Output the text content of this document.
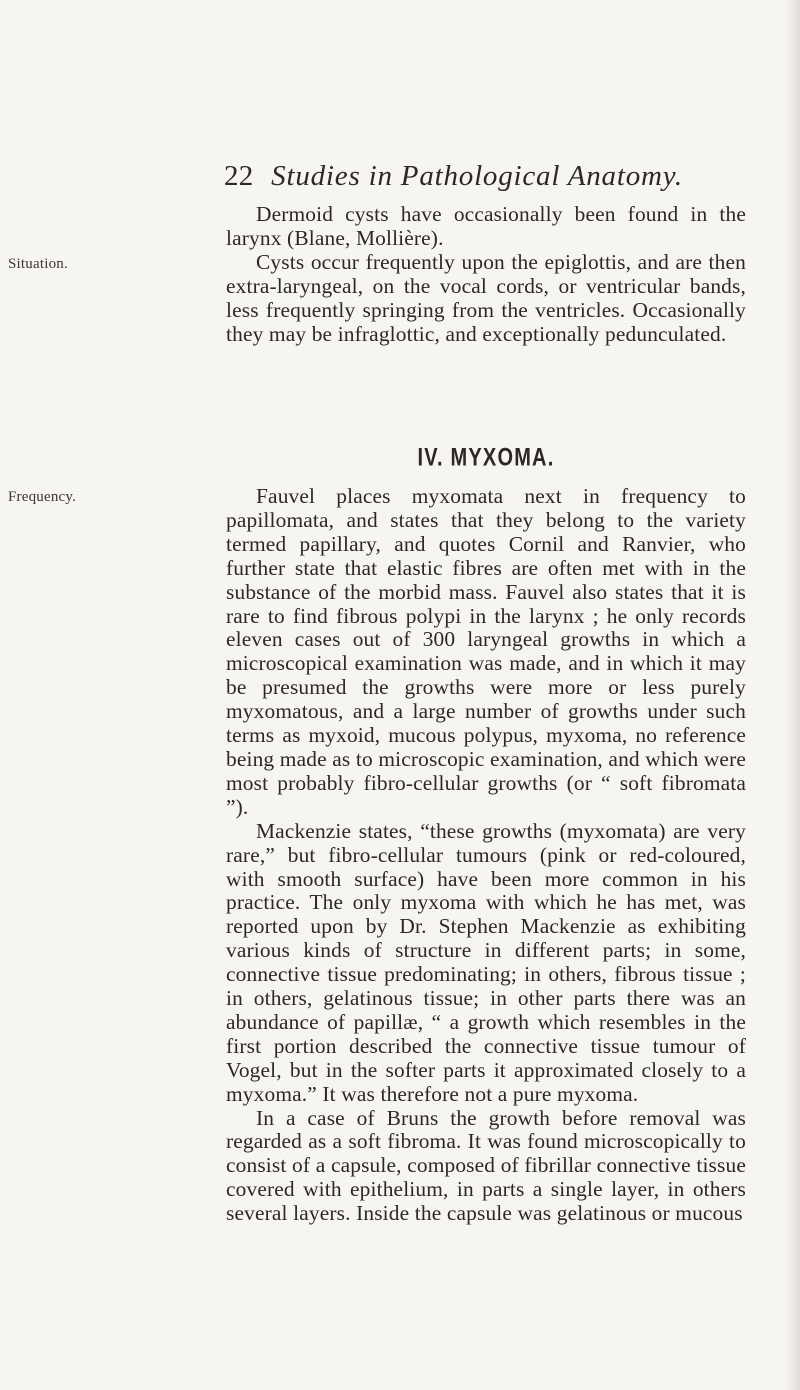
22 Studies in Pathological Anatomy.
Situation.
Frequency.

Dermoid cysts have occasionally been found in the larynx (Blane, Mollière).

Cysts occur frequently upon the epiglottis, and are then extra-laryngeal, on the vocal cords, or ventricular bands, less frequently springing from the ventricles. Occasionally they may be infraglottic, and exceptionally pedunculated.

IV. MYXOMA.

Fauvel places myxomata next in frequency to papillomata, and states that they belong to the variety termed papillary, and quotes Cornil and Ranvier, who further state that elastic fibres are often met with in the substance of the morbid mass. Fauvel also states that it is rare to find fibrous polypi in the larynx ; he only records eleven cases out of 300 laryngeal growths in which a microscopical examination was made, and in which it may be presumed the growths were more or less purely myxomatous, and a large number of growths under such terms as myxoid, mucous polypus, myxoma, no reference being made as to microscopic examination, and which were most probably fibro-cellular growths (or “ soft fibromata ”).

Mackenzie states, “these growths (myxomata) are very rare,” but fibro-cellular tumours (pink or red-coloured, with smooth surface) have been more common in his practice. The only myxoma with which he has met, was reported upon by Dr. Stephen Mackenzie as exhibiting various kinds of structure in different parts; in some, connective tissue predominating; in others, fibrous tissue ; in others, gelatinous tissue; in other parts there was an abundance of papillæ, “ a growth which resembles in the first portion described the connective tissue tumour of Vogel, but in the softer parts it approximated closely to a myxoma.” It was therefore not a pure myxoma.

In a case of Bruns the growth before removal was regarded as a soft fibroma. It was found microscopically to consist of a capsule, composed of fibrillar connective tissue covered with epithelium, in parts a single layer, in others several layers. Inside the capsule was gelatinous or mucous
